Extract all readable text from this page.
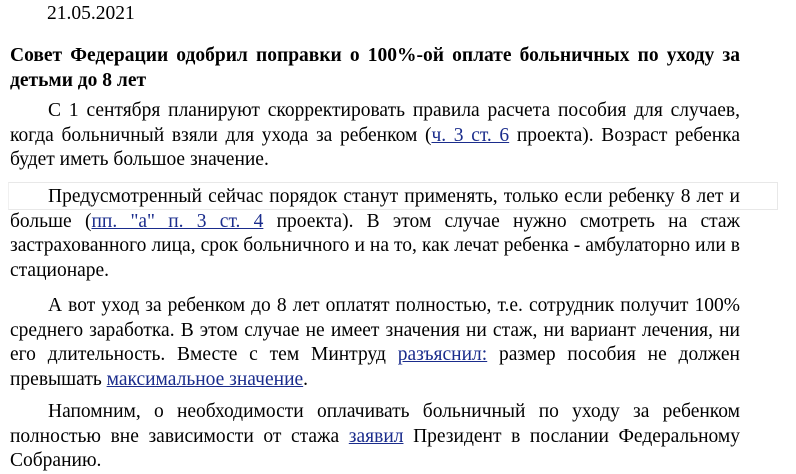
21.05.2021

Совет Федерации одобрил поправки о 100%-ой оплате больничных по уходу за детьми до 8 лет

С 1 сентября планируют скорректировать правила расчета пособия для случаев, когда больничный взяли для ухода за ребенком (ч. 3 ст. 6 проекта). Возраст ребенка будет иметь большое значение.

Предусмотренный сейчас порядок станут применять, только если ребенку 8 лет и больше (пп. "а" п. 3 ст. 4 проекта). В этом случае нужно смотреть на стаж застрахованного лица, срок больничного и на то, как лечат ребенка - амбулаторно или в стационаре.

А вот уход за ребенком до 8 лет оплатят полностью, т.е. сотрудник получит 100% среднего заработка. В этом случае не имеет значения ни стаж, ни вариант лечения, ни его длительность. Вместе с тем Минтруд разъяснил: размер пособия не должен превышать максимальное значение.

Напомним, о необходимости оплачивать больничный по уходу за ребенком полностью вне зависимости от стажа заявил Президент в послании Федеральному Собранию.
